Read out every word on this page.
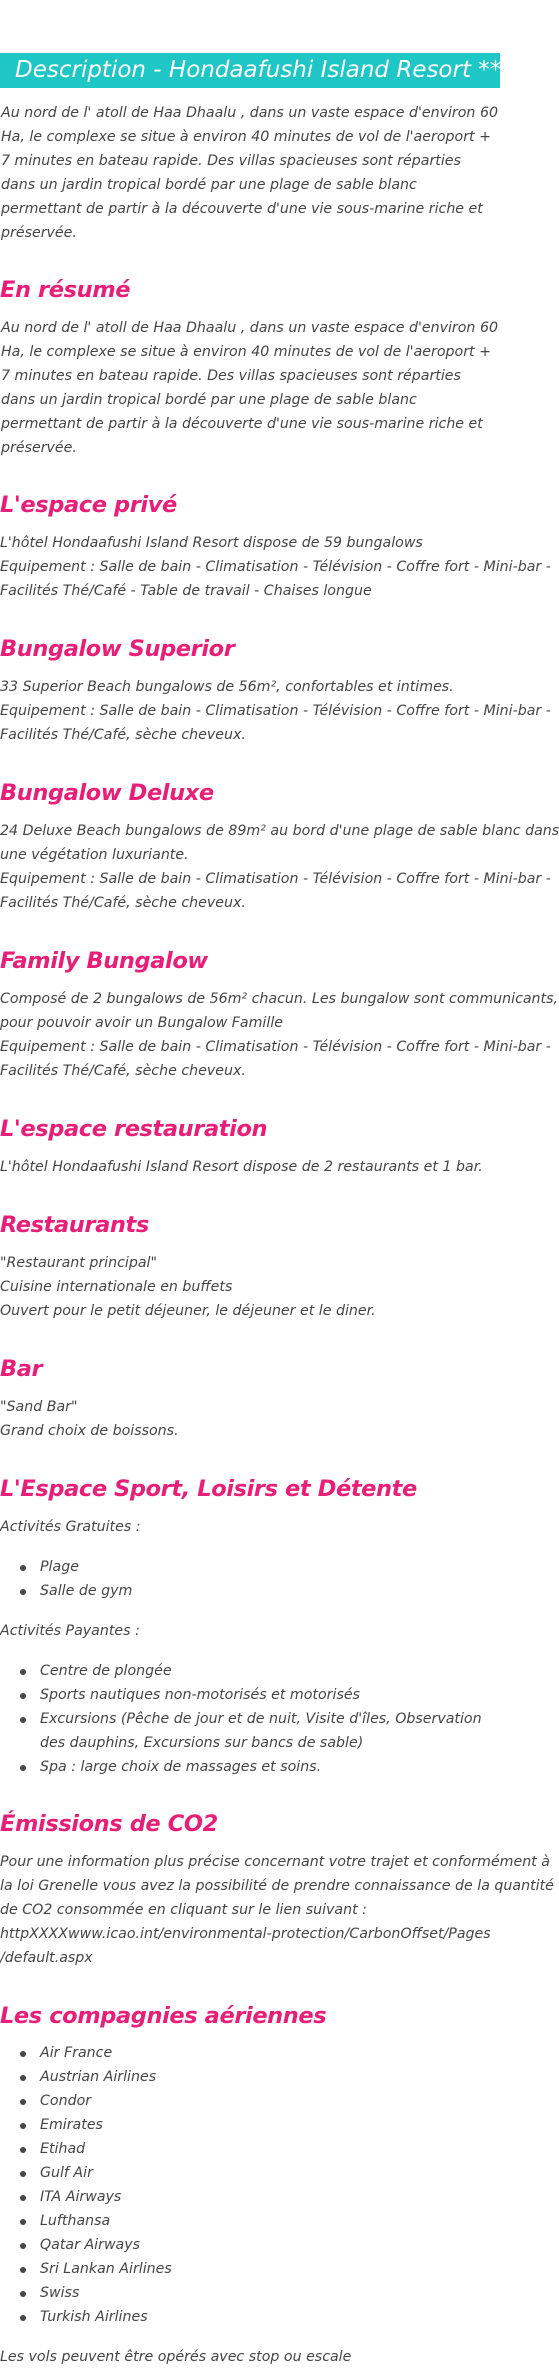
Description - Hondaafushi Island Resort ****

Au nord de l' atoll de Haa Dhaalu , dans un vaste espace d'environ 60 Ha, le complexe se situe à environ 40 minutes de vol de l'aeroport + 7 minutes en bateau rapide. Des villas spacieuses sont réparties dans un jardin tropical bordé par une plage de sable blanc permettant de partir à la découverte d'une vie sous-marine riche et préservée.

En résumé

Au nord de l' atoll de Haa Dhaalu , dans un vaste espace d'environ 60 Ha, le complexe se situe à environ 40 minutes de vol de l'aeroport + 7 minutes en bateau rapide. Des villas spacieuses sont réparties dans un jardin tropical bordé par une plage de sable blanc permettant de partir à la découverte d'une vie sous-marine riche et préservée.

L'espace privé
L'hôtel Hondaafushi Island Resort dispose de 59 bungalows
Equipement : Salle de bain - Climatisation - Télévision - Coffre fort - Mini-bar -
Facilités Thé/Café - Table de travail - Chaises longue
Bungalow Superior
33 Superior Beach bungalows de 56m², confortables et intimes.
Equipement : Salle de bain - Climatisation - Télévision - Coffre fort - Mini-bar -
Facilités Thé/Café, sèche cheveux.
Bungalow Deluxe
24 Deluxe Beach bungalows de 89m² au bord d'une plage de sable blanc dans
une végétation luxuriante.
Equipement : Salle de bain - Climatisation - Télévision - Coffre fort - Mini-bar -
Facilités Thé/Café, sèche cheveux.
Family Bungalow
Composé de 2 bungalows de 56m² chacun. Les bungalow sont communicants,
pour pouvoir avoir un Bungalow Famille
Equipement : Salle de bain - Climatisation - Télévision - Coffre fort - Mini-bar -
Facilités Thé/Café, sèche cheveux.
L'espace restauration
L'hôtel Hondaafushi Island Resort dispose de 2 restaurants et 1 bar.
Restaurants
"Restaurant principal"
Cuisine internationale en buffets
Ouvert pour le petit déjeuner, le déjeuner et le diner.
Bar
"Sand Bar"
Grand choix de boissons.
L'Espace Sport, Loisirs et Détente
Activités Gratuites :
Plage
Salle de gym
Activités Payantes :
Centre de plongée
Sports nautiques non-motorisés et motorisés
Excursions (Pêche de jour et de nuit, Visite d'îles, Observation des dauphins, Excursions sur bancs de sable)
Spa : large choix de massages et soins.
Émissions de CO2
Pour une information plus précise concernant votre trajet et conformément à
la loi Grenelle vous avez la possibilité de prendre connaissance de la quantité
de CO2 consommée en cliquant sur le lien suivant :
httpXXXXwww.icao.int/environmental-protection/CarbonOffset/Pages
/default.aspx
Les compagnies aériennes
Air France
Austrian Airlines
Condor
Emirates
Etihad
Gulf Air
ITA Airways
Lufthansa
Qatar Airways
Sri Lankan Airlines
Swiss
Turkish Airlines
Les vols peuvent être opérés avec stop ou escale
